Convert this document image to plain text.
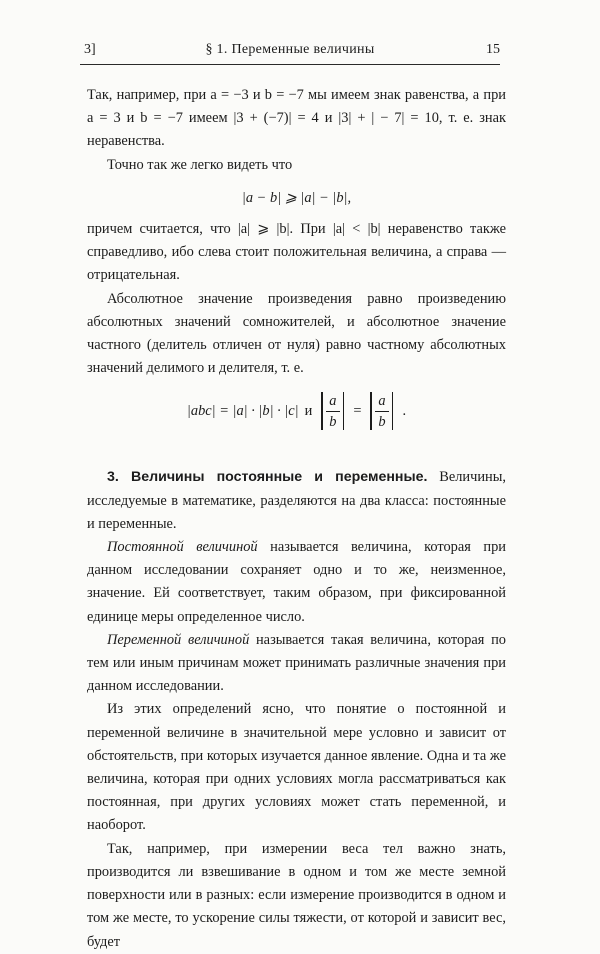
3]	§ 1. Переменные величины	15

Так, например, при a = −3 и b = −7 мы имеем знак равенства, а при a = 3 и b = −7 имеем |3 + (−7)| = 4 и |3| + | − 7| = 10, т. е. знак неравенства.

Точно так же легко видеть что

|a − b| ⩾ |a| − |b|,

причем считается, что |a| ⩾ |b|. При |a| < |b| неравенство также справедливо, ибо слева стоит положительная величина, а справа — отрицательная.

Абсолютное значение произведения равно произведению абсолютных значений сомножителей, и абсолютное значение частного (делитель отличен от нуля) равно частному абсолютных значений делимого и делителя, т. е.

|abc| = |a| · |b| · |c| и $\frac{a}{b} = \frac{a}{b}$ .

3. Величины постоянные и переменные. Величины, исследуемые в математике, разделяются на два класса: постоянные и переменные.

Постоянной величиной называется величина, которая при данном исследовании сохраняет одно и то же, неизменное, значение. Ей соответствует, таким образом, при фиксированной единице меры определенное число.

Переменной величиной называется такая величина, которая по тем или иным причинам может принимать различные значения при данном исследовании.

Из этих определений ясно, что понятие о постоянной и переменной величине в значительной мере условно и зависит от обстоятельств, при которых изучается данное явление. Одна и та же величина, которая при одних условиях могла рассматриваться как постоянная, при других условиях может стать переменной, и наоборот.

Так, например, при измерении веса тел важно знать, производится ли взвешивание в одном и том же месте земной поверхности или в разных: если измерение производится в одном и том же месте, то ускорение силы тяжести, от которой и зависит вес, будет
